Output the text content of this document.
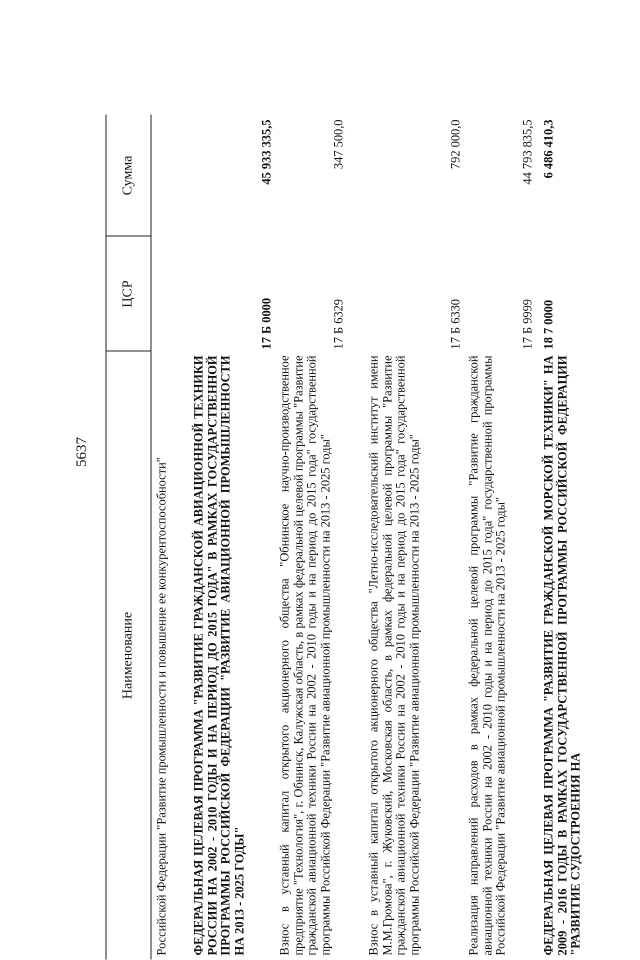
5637
Наименование
ЦСР
Сумма
Российской Федерации "Развитие промышленности и повышение ее конкурентоспособности" ФЕДЕРАЛЬНАЯ ЦЕЛЕВАЯ ПРОГРАММА "РАЗВИТИЕ ГРАЖДАНСКОЙ АВИАЦИОННОЙ ТЕХНИКИ РОССИИ НА 2002 - 2010 ГОДЫ И НА ПЕРИОД ДО 2015 ГОДА" В РАМКАХ ГОСУДАРСТВЕННОЙ ПРОГРАММЫ РОССИЙСКОЙ ФЕДЕРАЦИИ "РАЗВИТИЕ АВИАЦИОННОЙ ПРОМЫШЛЕННОСТИ НА 2013 - 2025 ГОДЫ"
17 Б 0000
45 933 335,5
Взнос в уставный капитал открытого акционерного общества "Обнинское научно-производственное предприятие "Технология", г. Обнинск, Калужская область, в рамках федеральной целевой программы "Развитие гражданской авиационной техники России на 2002 - 2010 годы и на период до 2015 года" государственной программы Российской Федерации "Развитие авиационной промышленности на 2013 - 2025 годы"
17 Б 6329
347 500,0
Взнос в уставный капитал открытого акционерного общества "Летно-исследовательский институт имени М.М.Громова", г. Жуковский, Московская область, в рамках федеральной целевой программы "Развитие гражданской авиационной техники России на 2002 - 2010 годы и на период до 2015 года" государственной программы Российской Федерации "Развитие авиационной промышленности на 2013 - 2025 годы"
17 Б 6330
792 000,0
Реализация направлений расходов в рамках федеральной целевой программы "Развитие гражданской авиационной техники России на 2002 - 2010 годы и на период до 2015 года" государственной программы Российской Федерации "Развитие авиационной промышленности на 2013 - 2025 годы"
17 Б 9999
44 793 835,5
ФЕДЕРАЛЬНАЯ ЦЕЛЕВАЯ ПРОГРАММА "РАЗВИТИЕ ГРАЖДАНСКОЙ МОРСКОЙ ТЕХНИКИ" НА 2009 - 2016 ГОДЫ В РАМКАХ ГОСУДАРСТВЕННОЙ ПРОГРАММЫ РОССИЙСКОЙ ФЕДЕРАЦИИ "РАЗВИТИЕ СУДОСТРОЕНИЯ НА
18 7 0000
6 486 410,3
